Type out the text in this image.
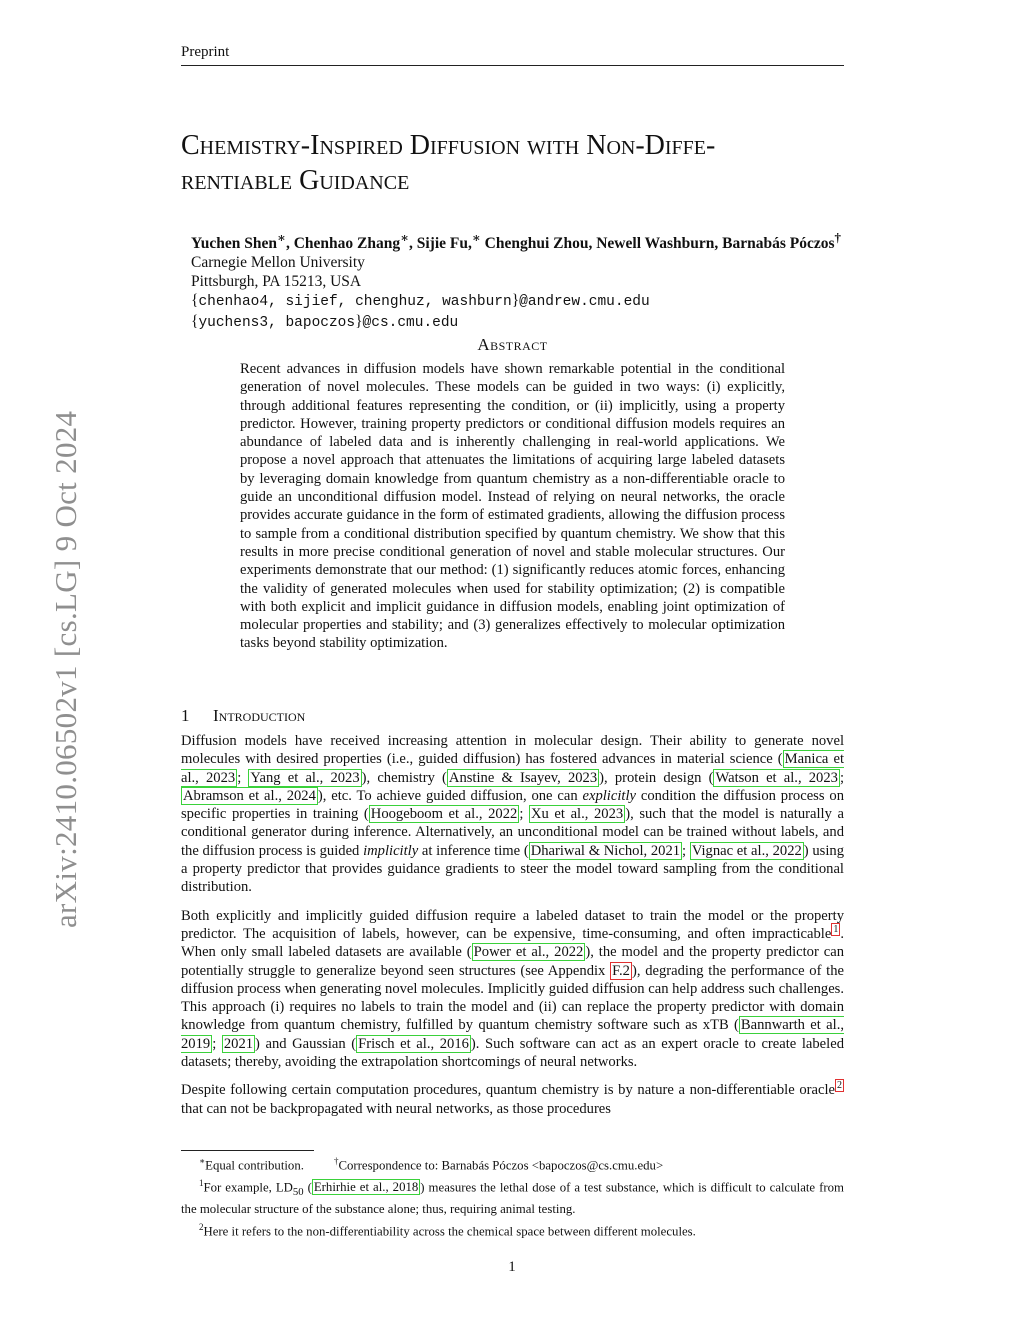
Preprint
arXiv:2410.06502v1 [cs.LG] 9 Oct 2024
Chemistry-Inspired Diffusion with Non-Diffe-
rentiable Guidance
Yuchen Shen∗, Chenhao Zhang∗, Sijie Fu,∗ Chenghui Zhou, Newell Washburn, Barnabás Póczos†
Carnegie Mellon University
Pittsburgh, PA 15213, USA
{chenhao4, sijief, chenghuz, washburn}@andrew.cmu.edu
{yuchens3, bapoczos}@cs.cmu.edu
Abstract
Recent advances in diffusion models have shown remarkable potential in the conditional generation of novel molecules. These models can be guided in two ways: (i) explicitly, through additional features representing the condition, or (ii) implicitly, using a property predictor. However, training property predictors or conditional diffusion models requires an abundance of labeled data and is inherently challenging in real-world applications. We propose a novel approach that attenuates the limitations of acquiring large labeled datasets by leveraging domain knowledge from quantum chemistry as a non-differentiable oracle to guide an unconditional diffusion model. Instead of relying on neural networks, the oracle provides accurate guidance in the form of estimated gradients, allowing the diffusion process to sample from a conditional distribution specified by quantum chemistry. We show that this results in more precise conditional generation of novel and stable molecular structures. Our experiments demonstrate that our method: (1) significantly reduces atomic forces, enhancing the validity of generated molecules when used for stability optimization; (2) is compatible with both explicit and implicit guidance in diffusion models, enabling joint optimization of molecular properties and stability; and (3) generalizes effectively to molecular optimization tasks beyond stability optimization.
1 Introduction

Diffusion models have received increasing attention in molecular design. Their ability to generate novel molecules with desired properties (i.e., guided diffusion) has fostered advances in material science ( Manica et al., 2023 ; Yang et al., 2023 ), chemistry ( Anstine & Isayev, 2023 ), protein design ( Watson et al., 2023 ; Abramson et al., 2024 ), etc. To achieve guided diffusion, one can explicitly condition the diffusion process on specific properties in training ( Hoogeboom et al., 2022 ; Xu et al., 2023 ), such that the model is naturally a conditional generator during inference. Alternatively, an unconditional model can be trained without labels, and the diffusion process is guided implicitly at inference time ( Dhariwal & Nichol, 2021 ; Vignac et al., 2022 ) using a property predictor that provides guidance gradients to steer the model toward sampling from the conditional distribution.

Both explicitly and implicitly guided diffusion require a labeled dataset to train the model or the property predictor. The acquisition of labels, however, can be expensive, time-consuming, and often impracticable $^1$ . When only small labeled datasets are available ( Power et al., 2022 ), the model and the property predictor can potentially struggle to generalize beyond seen structures (see Appendix F.2 ), degrading the performance of the diffusion process when generating novel molecules. Implicitly guided diffusion can help address such challenges. This approach (i) requires no labels to train the model and (ii) can replace the property predictor with domain knowledge from quantum chemistry, fulfilled by quantum chemistry software such as xTB ( Bannwarth et al., 2019 ; 2021 ) and Gaussian ( Frisch et al., 2016 ). Such software can act as an expert oracle to create labeled datasets; thereby, avoiding the extrapolation shortcomings of neural networks.

Despite following certain computation procedures, quantum chemistry is by nature a non-differentiable oracle $^2$ that can not be backpropagated with neural networks, as those procedures

∗Equal contribution.	†Correspondence to: Barnabás Póczos <bapoczos@cs.cmu.edu>

$^1$For example, $LD_{50}$ ( Erhirhie et al., 2018 ) measures the lethal dose of a test substance, which is difficult to calculate from the molecular structure of the substance alone; thus, requiring animal testing.

$^2$Here it refers to the non-differentiability across the chemical space between different molecules.

1
